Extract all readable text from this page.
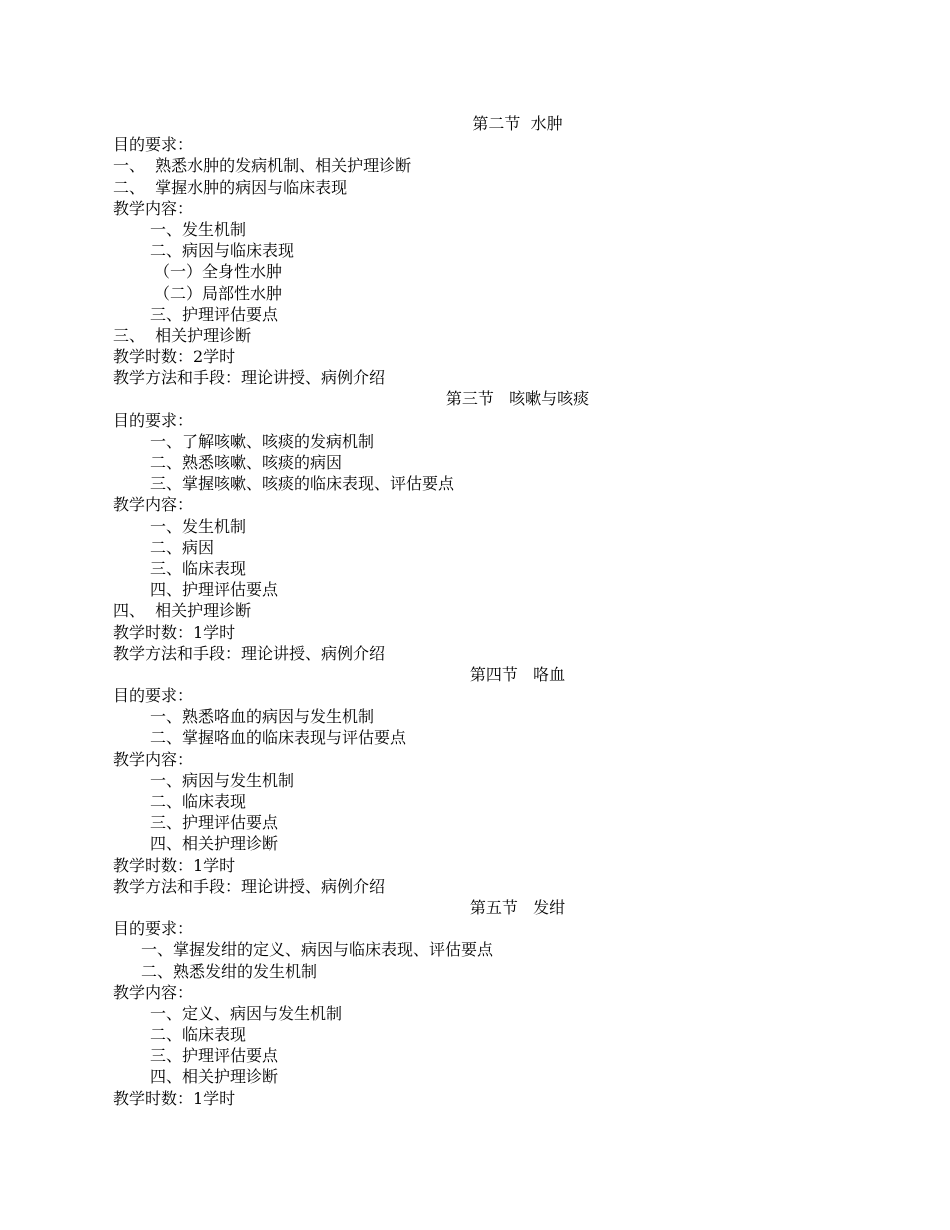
第二节  水肿
目的要求：
一、  熟悉水肿的发病机制、相关护理诊断
二、  掌握水肿的病因与临床表现
教学内容：
一、发生机制
二、病因与临床表现
（一）全身性水肿
（二）局部性水肿
三、护理评估要点
三、  相关护理诊断
教学时数：2学时
教学方法和手段：理论讲授、病例介绍
第三节   咳嗽与咳痰
目的要求：
一、了解咳嗽、咳痰的发病机制
二、熟悉咳嗽、咳痰的病因
三、掌握咳嗽、咳痰的临床表现、评估要点
教学内容：
一、发生机制
二、病因
三、临床表现
四、护理评估要点
四、  相关护理诊断
教学时数：1学时
教学方法和手段：理论讲授、病例介绍
第四节   咯血
目的要求：
一、熟悉咯血的病因与发生机制
二、掌握咯血的临床表现与评估要点
教学内容：
一、病因与发生机制
二、临床表现
三、护理评估要点
四、相关护理诊断
教学时数：1学时
教学方法和手段：理论讲授、病例介绍
第五节   发绀
目的要求：
一、掌握发绀的定义、病因与临床表现、评估要点
二、熟悉发绀的发生机制
教学内容：
一、定义、病因与发生机制
二、临床表现
三、护理评估要点
四、相关护理诊断
教学时数：1学时
